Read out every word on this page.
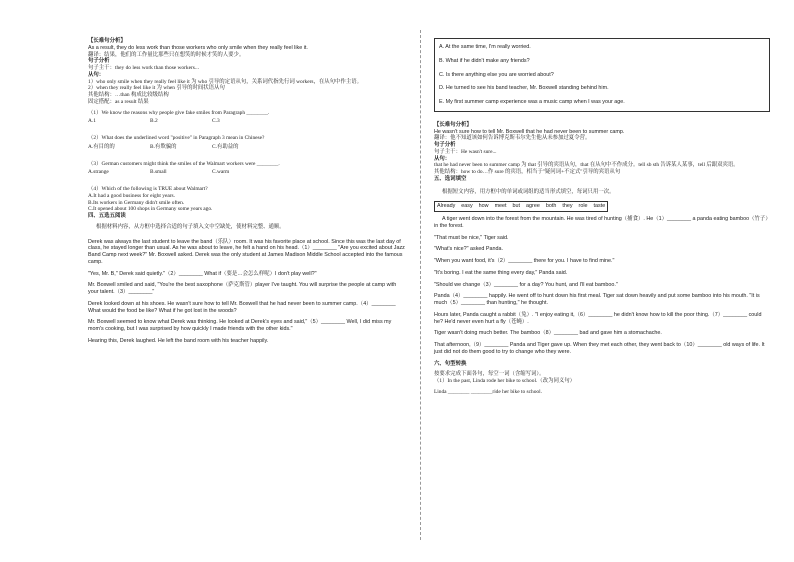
【长难句分析】

As a result, they do less work than those workers who only smile when they really feel like it.

翻译：结果，他们的工作量比那些只在想笑的时候才笑的人要少。

句子分析

句子主干：they do less work than those workers...

从句：

1）who only smile when they really feel like it 为 who 引导的定语从句，关系词代指先行词 workers，在从句中作主语。

2）when they really feel like it 为 when 引导的时间状语从句

其他结构：…than 构成比较级结构

固定搭配：as a result 结果

（1）We know the reasons why people give fake smiles from Paragraph ________.

A.1	B.2	C.3

（2）What does the underlined word "positive" in Paragraph 3 mean in Chinese?

A.有目的的	B.有欺骗的	C.有助益的

（3）German customers might think the smiles of the Walmart workers were ________.

A.strange	B.small	C.warm

（4）Which of the following is TRUE about Walmart?

A.It had a good business for eight years.

B.Its workers in Germany didn't smile often.

C.It opened about 100 shops in Germany some years ago.

四、五选五阅读

根据材料内容，从方框中选择合适的句子填入文中空缺处，使材料完整、通顺。

Derek was always the last student to leave the band（乐队）room. It was his favorite place at school. Since this was the last day of class, he stayed longer than usual. As he was about to leave, he felt a hand on his head.（1）________ "Are you excited about Jazz Band Camp next week?" Mr. Boxwell asked. Derek was the only student at James Madison Middle School accepted into the famous camp.

"Yes, Mr. B," Derek said quietly."（2）________ What if（要是…会怎么样呢）I don't play well?"

Mr. Boxwell smiled and said, "You're the best saxophone（萨克斯管）player I've taught. You will surprise the people at camp with your talent.（3）________"

Derek looked down at his shoes. He wasn't sure how to tell Mr. Boxwell that he had never been to summer camp.（4）________ What would the food be like? What if he got lost in the woods?

Mr. Boxwell seemed to know what Derek was thinking. He looked at Derek's eyes and said,"（5）________ Well, I did miss my mom's cooking, but I was surprised by how quickly I made friends with the other kids."

Hearing this, Derek laughed. He left the band room with his teacher happily.

A. At the same time, I'm really worried.

B. What if he didn't make any friends?

C. Is there anything else you are worried about?

D. He turned to see his band teacher, Mr. Boxwell standing behind him.

E. My first summer camp experience was a music camp when I was your age.

【长难句分析】

He wasn't sure how to tell Mr. Boxwell that he had never been to summer camp.

翻译：他不知道该如何告诉博克斯韦尔先生他从未参加过夏令营。

句子分析

句子主干：He wasn't sure...

从句：

that he had never been to summer camp 为 that 引导的宾语从句，that 在从句中不作成分。tell sb sth 告诉某人某事，tell 后跟双宾语。

其他结构：how to do…作 sure 的宾语，相当于"疑问词+不定式"引导的宾语从句

五、选词填空

根据短文内容，用方框中的单词或词组的适当形式填空，每词只用一次。

Already easy how meet but agree both they role taste

A tiger went down into the forest from the mountain. He was tired of hunting（捕食）. He（1）________ a panda eating bamboo（竹子）in the forest.

"That must be nice," Tiger said.

"What's nice?" asked Panda.

"When you want food, it's（2）________ there for you. I have to find mine."

"It's boring. I eat the same thing every day," Panda said.

"Should we change（3）________ for a day? You hunt, and I'll eat bamboo."

Panda（4）________ happily. He went off to hunt down his first meal. Tiger sat down heavily and put some bamboo into his mouth. "It is much（5）________ than hunting," he thought.

Hours later, Panda caught a rabbit（兔）. "I enjoy eating it,（6）________ he didn't know how to kill the poor thing.（7）________ could he? He'd never even hurt a fly（苍蝇）.

Tiger wasn't doing much better. The bamboo（8）________ bad and gave him a stomachache.

That afternoon,（9）________ Panda and Tiger gave up. When they met each other, they went back to（10）________ old ways of life. It just did not do them good to try to change who they were.

六、句型转换

按要求完成下面各句，每空一词（含缩写词）。

（1）In the past, Linda rode her bike to school.（改为同义句）

Linda ________ ________ride her bike to school.
